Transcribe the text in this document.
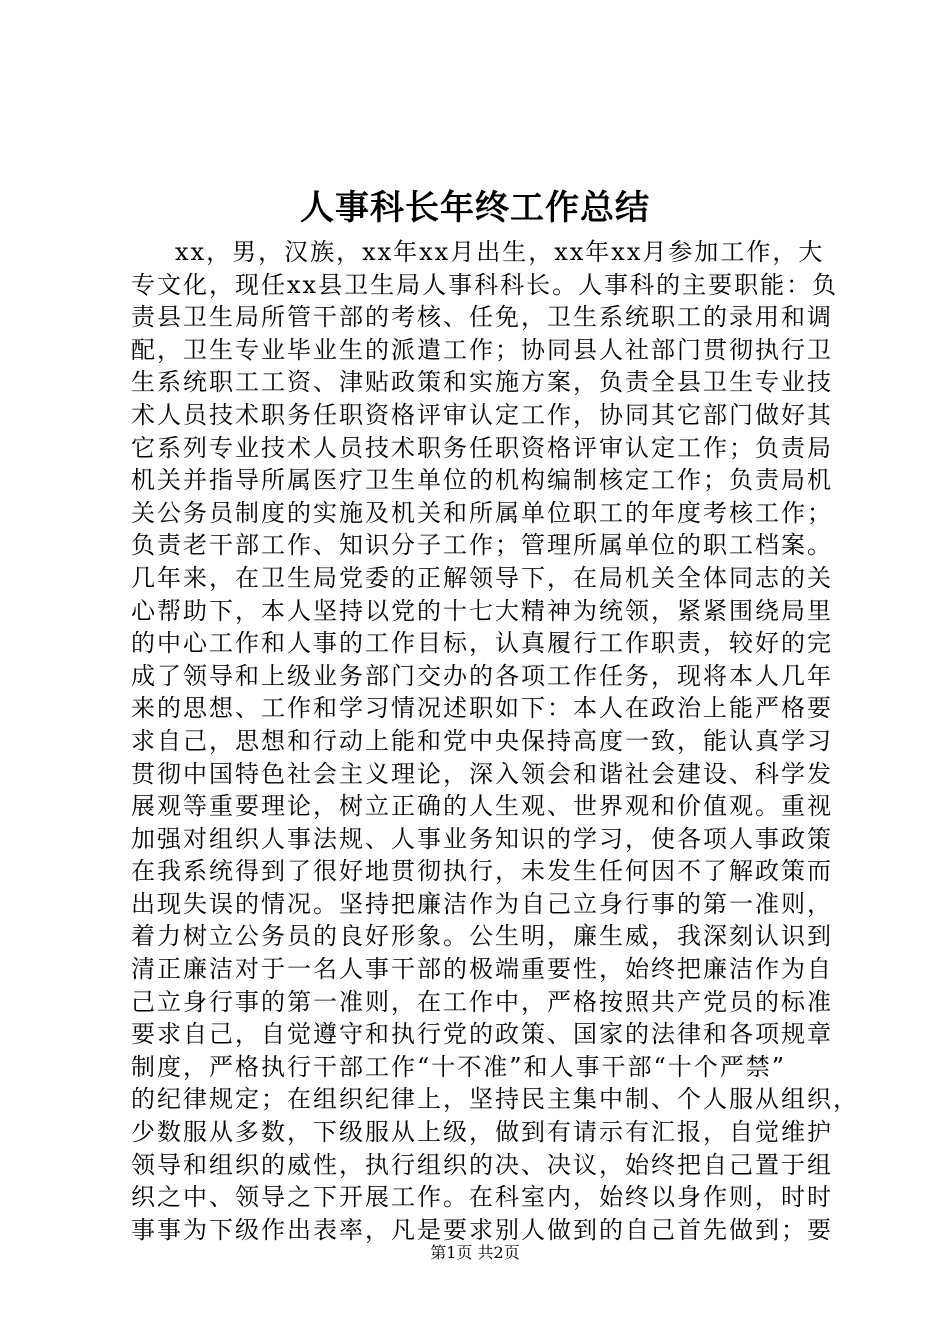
人事科长年终工作总结
xx，男，汉族，xx年xx月出生，xx年xx月参加工作，大
专文化，现任xx县卫生局人事科科长。人事科的主要职能：负
责县卫生局所管干部的考核、任免，卫生系统职工的录用和调
配，卫生专业毕业生的派遣工作；协同县人社部门贯彻执行卫
生系统职工工资、津贴政策和实施方案，负责全县卫生专业技
术人员技术职务任职资格评审认定工作，协同其它部门做好其
它系列专业技术人员技术职务任职资格评审认定工作；负责局
机关并指导所属医疗卫生单位的机构编制核定工作；负责局机
关公务员制度的实施及机关和所属单位职工的年度考核工作；
负责老干部工作、知识分子工作；管理所属单位的职工档案。
几年来，在卫生局党委的正解领导下，在局机关全体同志的关
心帮助下，本人坚持以党的十七大精神为统领，紧紧围绕局里
的中心工作和人事的工作目标，认真履行工作职责，较好的完
成了领导和上级业务部门交办的各项工作任务，现将本人几年
来的思想、工作和学习情况述职如下：本人在政治上能严格要
求自己，思想和行动上能和党中央保持高度一致，能认真学习
贯彻中国特色社会主义理论，深入领会和谐社会建设、科学发
展观等重要理论，树立正确的人生观、世界观和价值观。重视
加强对组织人事法规、人事业务知识的学习，使各项人事政策
在我系统得到了很好地贯彻执行，未发生任何因不了解政策而
出现失误的情况。坚持把廉洁作为自己立身行事的第一准则，
着力树立公务员的良好形象。公生明，廉生威，我深刻认识到
清正廉洁对于一名人事干部的极端重要性，始终把廉洁作为自
己立身行事的第一准则，在工作中，严格按照共产党员的标准
要求自己，自觉遵守和执行党的政策、国家的法律和各项规章
制度，严格执行干部工作“十不准”和人事干部“十个严禁”
的纪律规定；在组织纪律上，坚持民主集中制、个人服从组织，
少数服从多数，下级服从上级，做到有请示有汇报，自觉维护
领导和组织的威性，执行组织的决、决议，始终把自己置于组
织之中、领导之下开展工作。在科室内，始终以身作则，时时
事事为下级作出表率，凡是要求别人做到的自己首先做到；要
第1页 共2页
